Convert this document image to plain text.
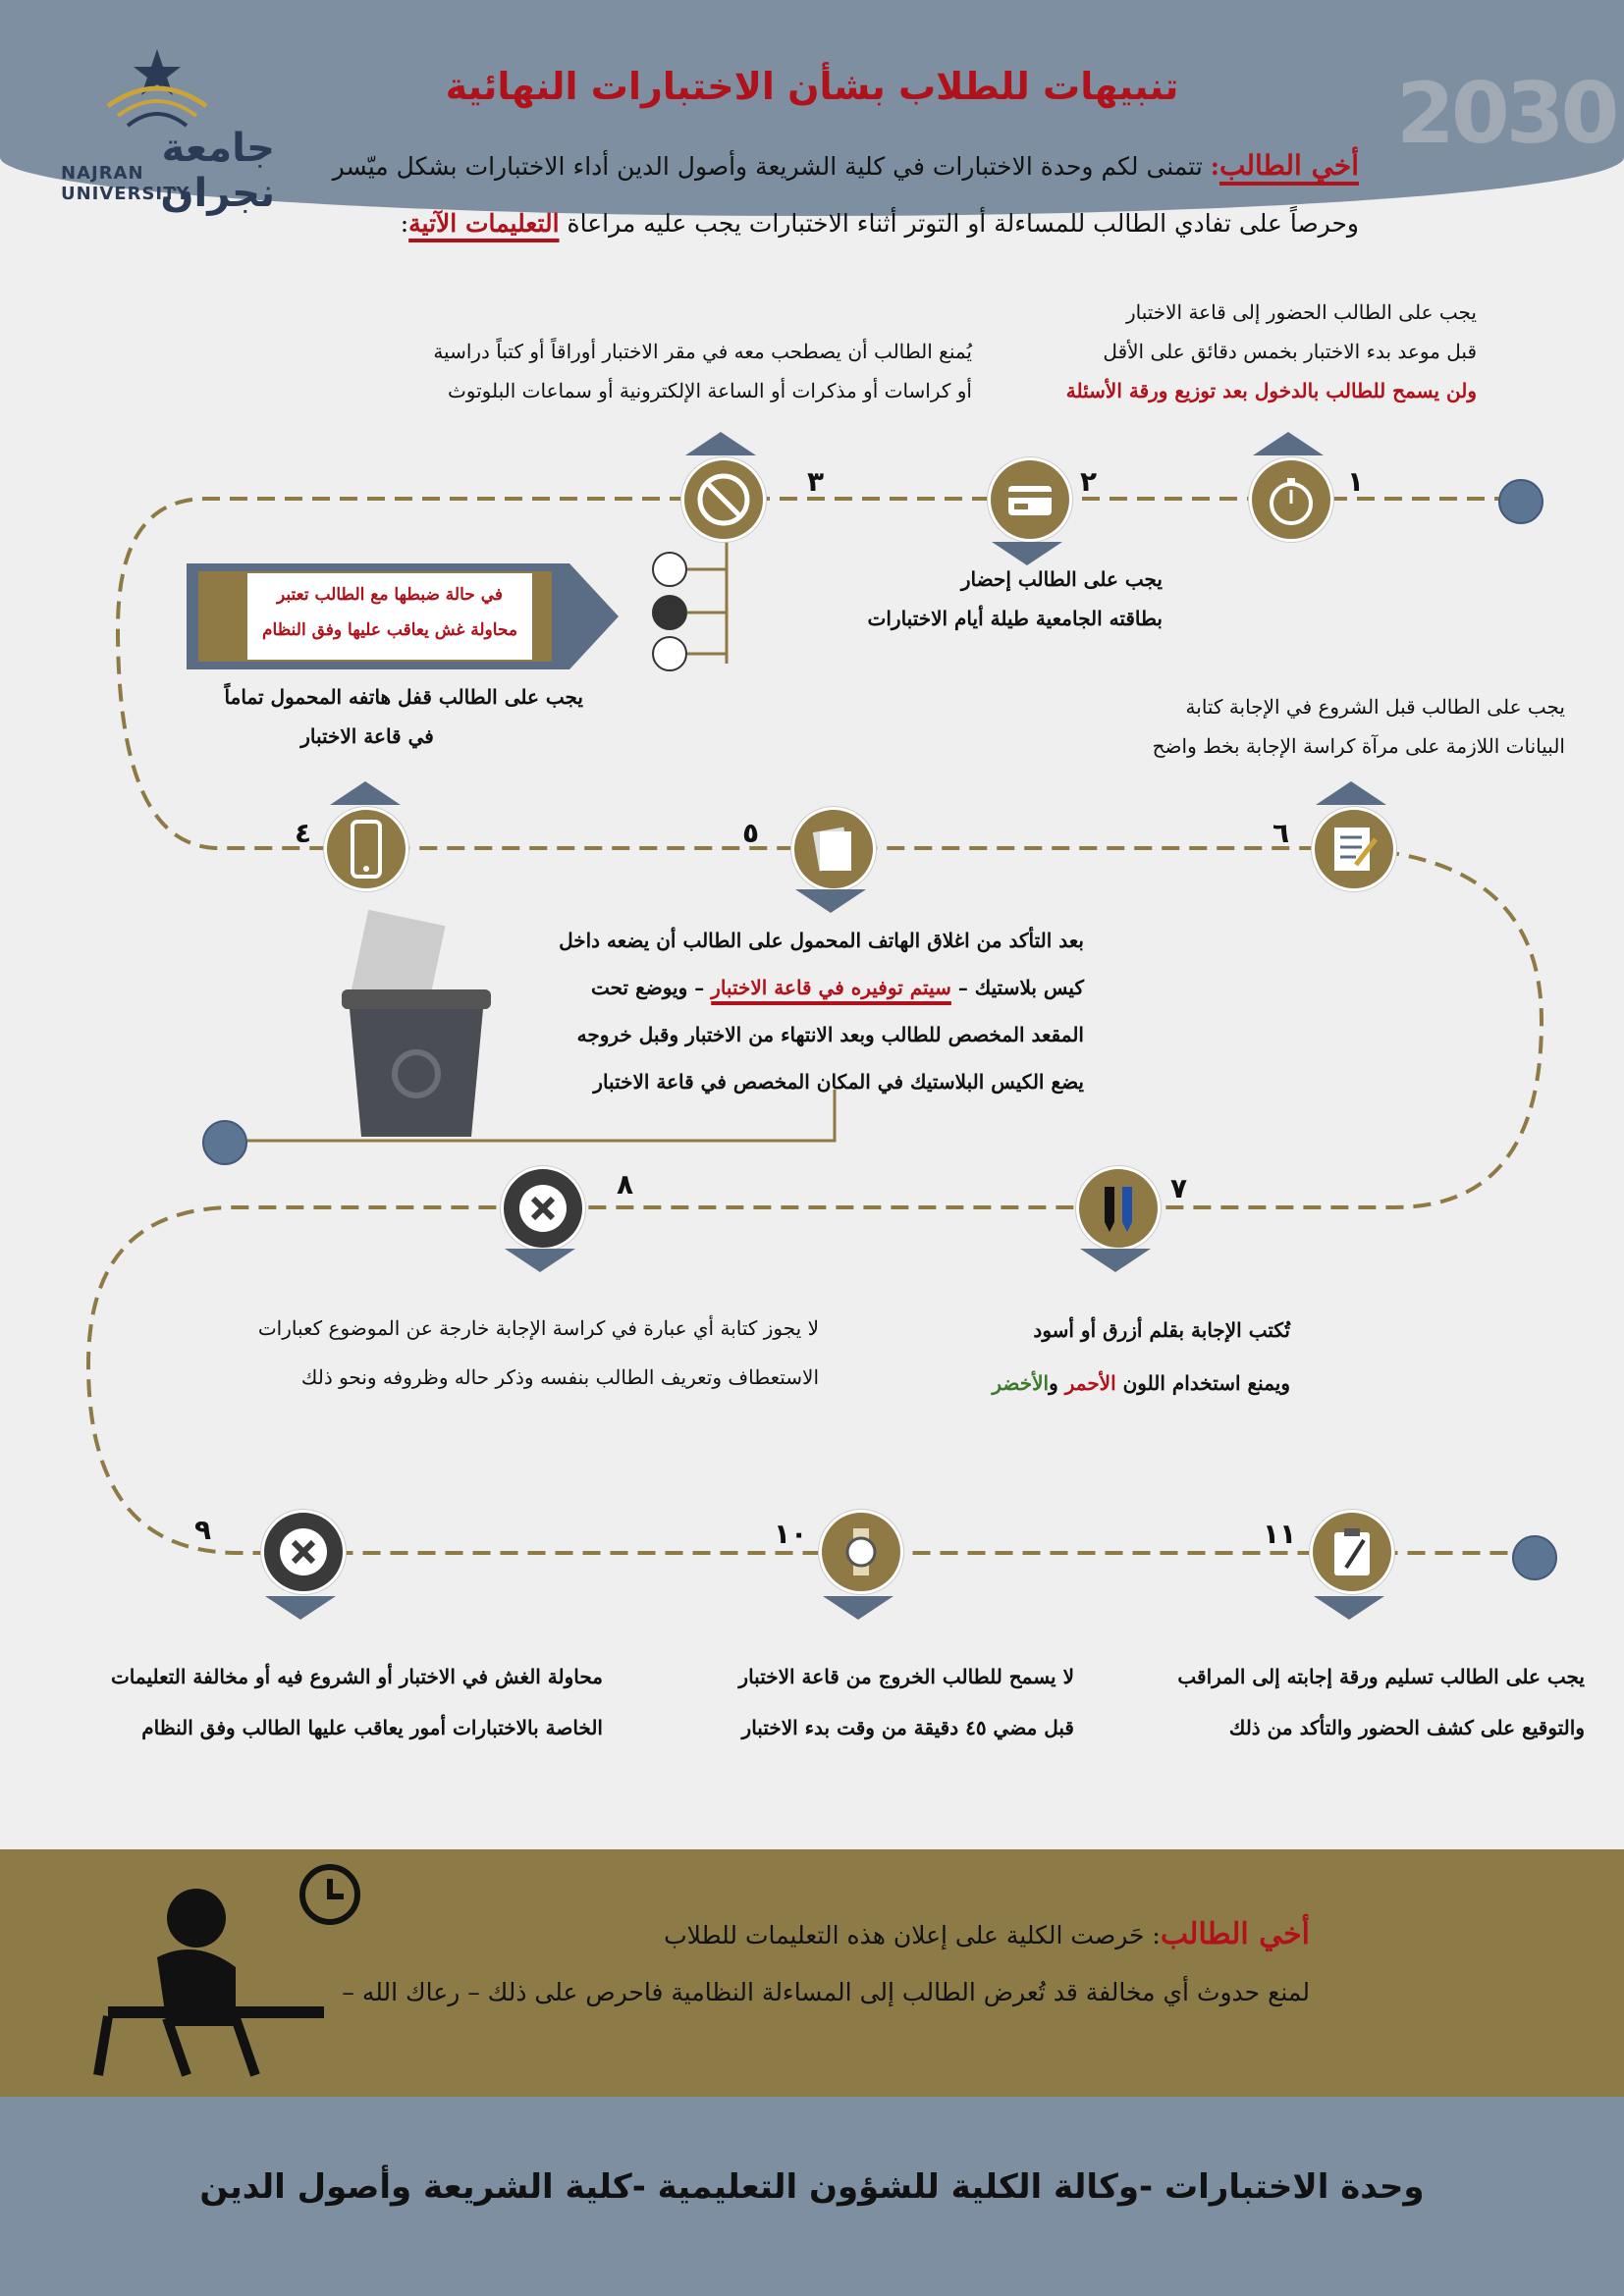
جامعة نجران
NAJRAN UNIVERSITY
2030
تنبيهات للطلاب بشأن الاختبارات النهائية
أخي الطالب: تتمنى لكم وحدة الاختبارات في كلية الشريعة وأصول الدين أداء الاختبارات بشكل ميّسر
وحرصاً على تفادي الطالب للمساءلة أو التوتر أثناء الاختبارات يجب عليه مراعاة التعليمات الآتية:
١
يجب على الطالب الحضور إلى قاعة الاختبار
قبل موعد بدء الاختبار بخمس دقائق على الأقل
ولن يسمح للطالب بالدخول بعد توزيع ورقة الأسئلة
٢
يجب على الطالب إحضار
بطاقته الجامعية طيلة أيام الاختبارات
٣
يُمنع الطالب أن يصطحب معه في مقر الاختبار أوراقاً أو كتباً دراسية
أو كراسات أو مذكرات أو الساعة الإلكترونية أو سماعات البلوتوث
في حالة ضبطها مع الطالب تعتبر
محاولة غش يعاقب عليها وفق النظام
٤
يجب على الطالب قفل هاتفه المحمول تماماً
في قاعة الاختبار
٥
بعد التأكد من اغلاق الهاتف المحمول على الطالب أن يضعه داخل
كيس بلاستيك – سيتم توفيره في قاعة الاختبار – ويوضع تحت
المقعد المخصص للطالب وبعد الانتهاء من الاختبار وقبل خروجه
يضع الكيس البلاستيك في المكان المخصص في قاعة الاختبار
٦
يجب على الطالب قبل الشروع في الإجابة كتابة
البيانات اللازمة على مرآة كراسة الإجابة بخط واضح
٧
تُكتب الإجابة بقلم أزرق أو أسود
ويمنع استخدام اللون الأحمر والأخضر
٨
لا يجوز كتابة أي عبارة في كراسة الإجابة خارجة عن الموضوع كعبارات
الاستعطاف وتعريف الطالب بنفسه وذكر حاله وظروفه ونحو ذلك
٩
محاولة الغش في الاختبار أو الشروع فيه أو مخالفة التعليمات
الخاصة بالاختبارات أمور يعاقب عليها الطالب وفق النظام
١٠
لا يسمح للطالب الخروج من قاعة الاختبار
قبل مضي ٤٥ دقيقة من وقت بدء الاختبار
١١
يجب على الطالب تسليم ورقة إجابته إلى المراقب
والتوقيع على كشف الحضور والتأكد من ذلك
أخي الطالب: حَرصت الكلية على إعلان هذه التعليمات للطلاب
لمنع حدوث أي مخالفة قد تُعرض الطالب إلى المساءلة النظامية فاحرص على ذلك – رعاك الله –
وحدة الاختبارات -وكالة الكلية للشؤون التعليمية -كلية الشريعة وأصول الدين
